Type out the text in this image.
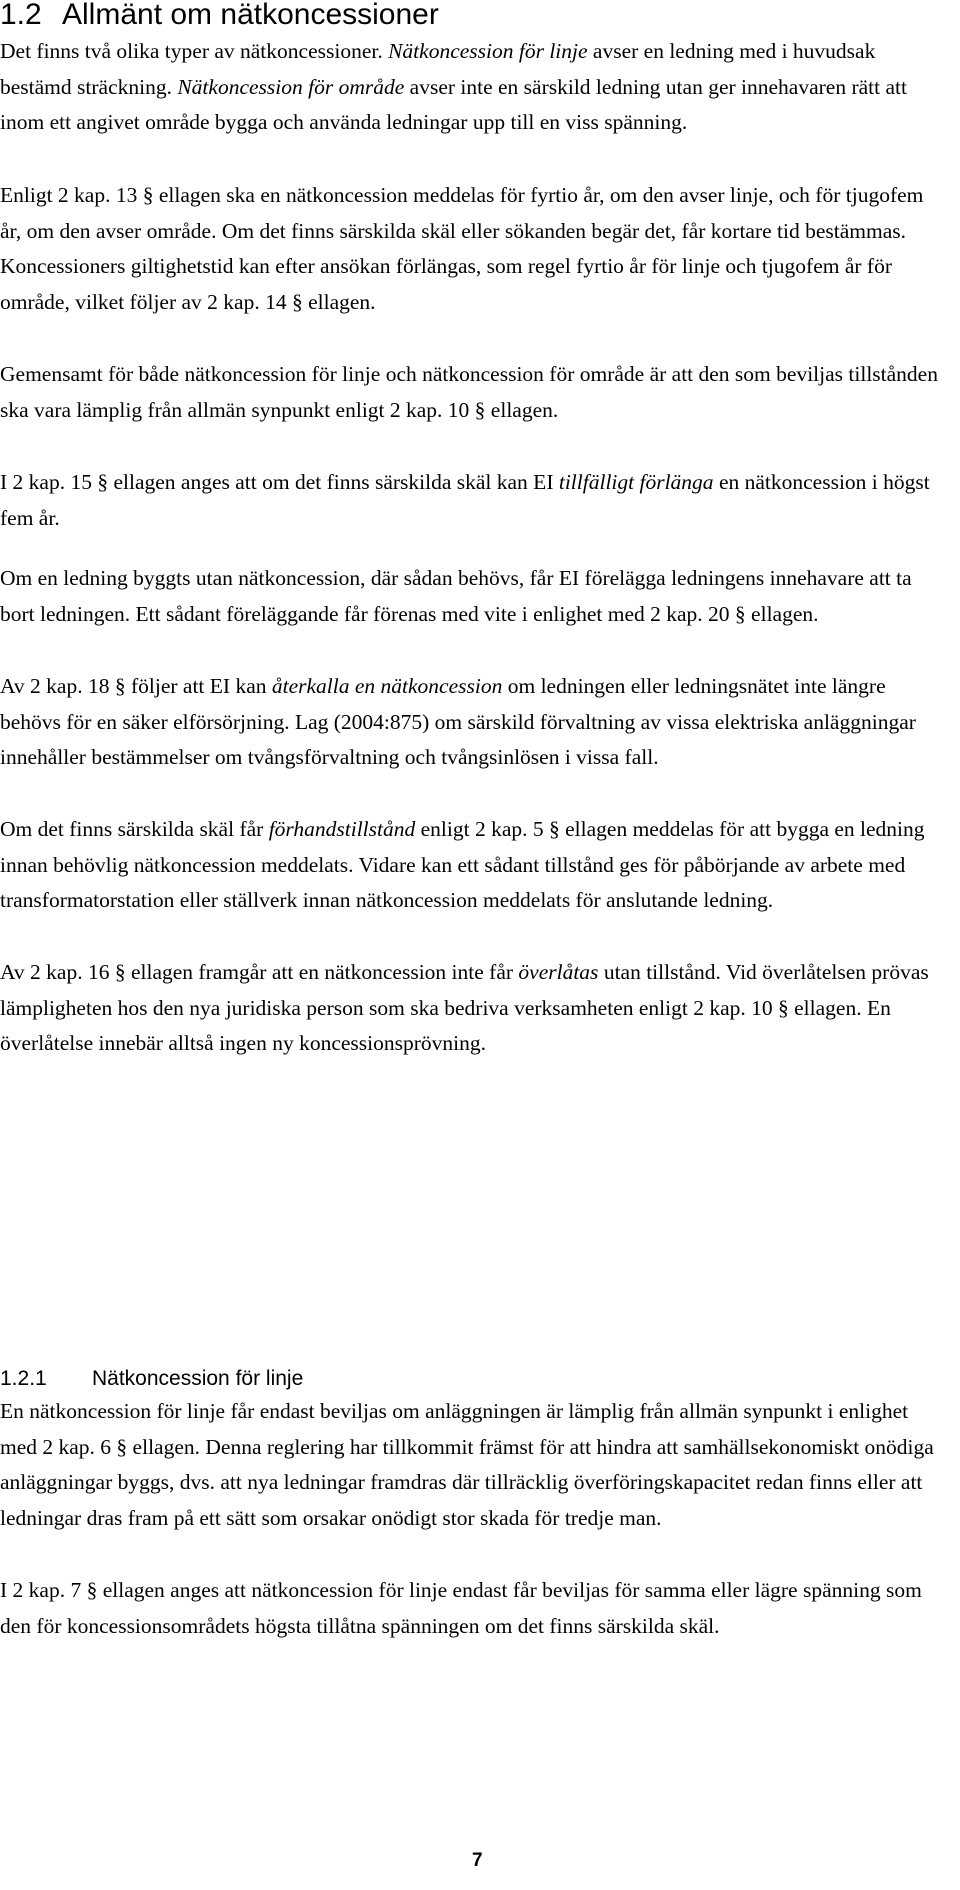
1.2 Allmänt om nätkoncessioner

Det finns två olika typer av nätkoncessioner. Nätkoncession för linje avser en ledning med i huvudsak bestämd sträckning. Nätkoncession för område avser inte en särskild ledning utan ger innehavaren rätt att inom ett angivet område bygga och använda ledningar upp till en viss spänning.

Enligt 2 kap. 13 § ellagen ska en nätkoncession meddelas för fyrtio år, om den avser linje, och för tjugofem år, om den avser område. Om det finns särskilda skäl eller sökanden begär det, får kortare tid bestämmas. Koncessioners giltighetstid kan efter ansökan förlängas, som regel fyrtio år för linje och tjugofem år för område, vilket följer av 2 kap. 14 § ellagen.

Gemensamt för både nätkoncession för linje och nätkoncession för område är att den som beviljas tillstånden ska vara lämplig från allmän synpunkt enligt 2 kap. 10 § ellagen.

I 2 kap. 15 § ellagen anges att om det finns särskilda skäl kan EI tillfälligt förlänga en nätkoncession i högst fem år.

Om en ledning byggts utan nätkoncession, där sådan behövs, får EI förelägga ledningens innehavare att ta bort ledningen. Ett sådant föreläggande får förenas med vite i enlighet med 2 kap. 20 § ellagen.

Av 2 kap. 18 § följer att EI kan återkalla en nätkoncession om ledningen eller ledningsnätet inte längre behövs för en säker elförsörjning. Lag (2004:875) om särskild förvaltning av vissa elektriska anläggningar innehåller bestämmelser om tvångsförvaltning och tvångsinlösen i vissa fall.

Om det finns särskilda skäl får förhandstillstånd enligt 2 kap. 5 § ellagen meddelas för att bygga en ledning innan behövlig nätkoncession meddelats. Vidare kan ett sådant tillstånd ges för påbörjande av arbete med transformatorstation eller ställverk innan nätkoncession meddelats för anslutande ledning.

Av 2 kap. 16 § ellagen framgår att en nätkoncession inte får överlåtas utan tillstånd. Vid överlåtelsen prövas lämpligheten hos den nya juridiska person som ska bedriva verksamheten enligt 2 kap. 10 § ellagen. En överlåtelse innebär alltså ingen ny koncessionsprövning.

1.2.1 Nätkoncession för linje

En nätkoncession för linje får endast beviljas om anläggningen är lämplig från allmän synpunkt i enlighet med 2 kap. 6 § ellagen. Denna reglering har tillkommit främst för att hindra att samhällsekonomiskt onödiga anläggningar byggs, dvs. att nya ledningar framdras där tillräcklig överföringskapacitet redan finns eller att ledningar dras fram på ett sätt som orsakar onödigt stor skada för tredje man.

I 2 kap. 7 § ellagen anges att nätkoncession för linje endast får beviljas för samma eller lägre spänning som den för koncessionsområdets högsta tillåtna spänningen om det finns särskilda skäl.

7
